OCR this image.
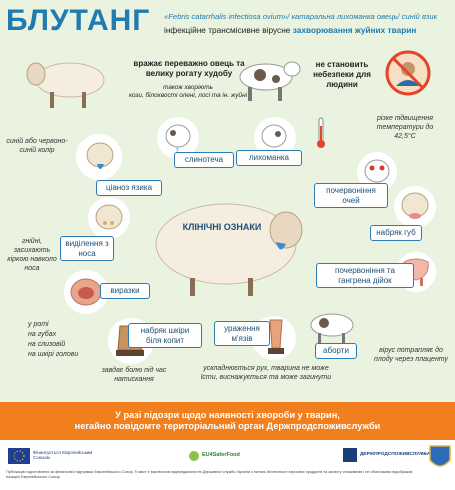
БЛУТАНГ «Febris catarrhalis infectiosa ovium»/ катаральна лихоманка овець/ синій язик
інфекційне трансмісивне вірусне захворювання жуйних тварин
вражає переважно овець та велику рогату худобу
також хворіють
кози, білохвості олені, лосі та ін. жуйні
не становить небезпеки для людини
синій або червоно-синій колір
ціаноз язика
слинотеча	лихоманка
різке підвищення температури до 42,5°С
почервоніння очей
КЛІНІЧНІ ОЗНАКИ
виділення з носа
гнійні, засихають кіркою навколо носа
набряк губ
виразки
у роті
на губах
на слизовій
на шкірі голови
почервоніння та гангрена дійок
набряк шкіри біля копит
завдає болю під час натискання
ураження м'язів
ускладнюється рух, тварина не може їсти, виснажується та може загинути
аборти	вірус потрапляє до плоду через плаценту
У разі підозри щодо наявності хвороби у тварин,
негайно повідомте територіальний орган Держпродспоживслужби
Фінансується Європейським Союзом	EU4SaferFood	ДЕРЖПРОДСПОЖИВСЛУЖБА
Публікацію підготовлено за фінансової підтримки Європейського Союзу. Її зміст є виключною відповідальністю Державної служби України з питань безпечності харчових продуктів та захисту споживачів і не обов'язково відображає позицію Європейського Союзу.
